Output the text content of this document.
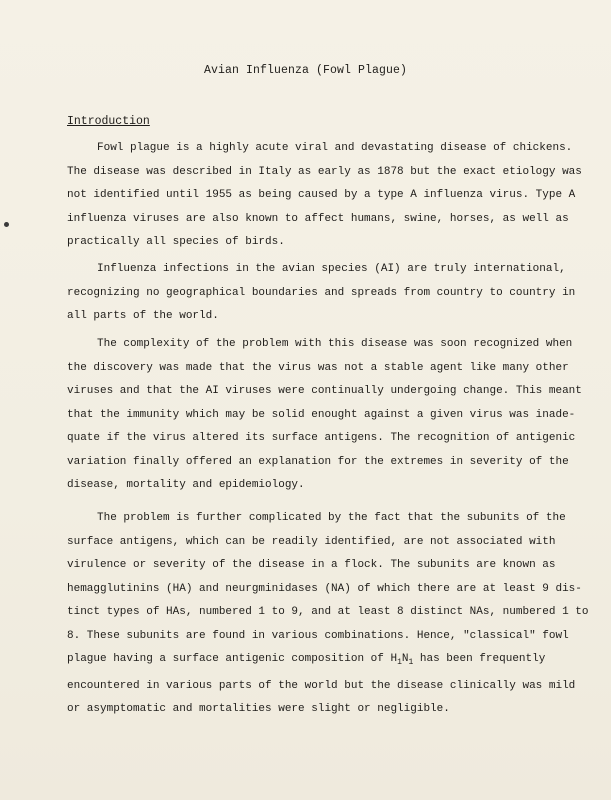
Avian Influenza (Fowl Plague)
Introduction
Fowl plague is a highly acute viral and devastating disease of chickens.
The disease was described in Italy as early as 1878 but the exact etiology was
not identified until 1955 as being caused by a type A influenza virus. Type A
influenza viruses are also known to affect humans, swine, horses, as well as
practically all species of birds.
Influenza infections in the avian species (AI) are truly international,
recognizing no geographical boundaries and spreads from country to country in
all parts of the world.
The complexity of the problem with this disease was soon recognized when
the discovery was made that the virus was not a stable agent like many other
viruses and that the AI viruses were continually undergoing change. This meant
that the immunity which may be solid enought against a given virus was inade-
quate if the virus altered its surface antigens. The recognition of antigenic
variation finally offered an explanation for the extremes in severity of the
disease, mortality and epidemiology.
The problem is further complicated by the fact that the subunits of the
surface antigens, which can be readily identified, are not associated with
virulence or severity of the disease in a flock. The subunits are known as
hemagglutinins (HA) and neurgminidases (NA) of which there are at least 9 dis-
tinct types of HAs, numbered 1 to 9, and at least 8 distinct NAs, numbered 1 to
8. These subunits are found in various combinations. Hence, "classical" fowl
plague having a surface antigenic composition of $H_1N_1$ has been frequently
encountered in various parts of the world but the disease clinically was mild
or asymptomatic and mortalities were slight or negligible.
